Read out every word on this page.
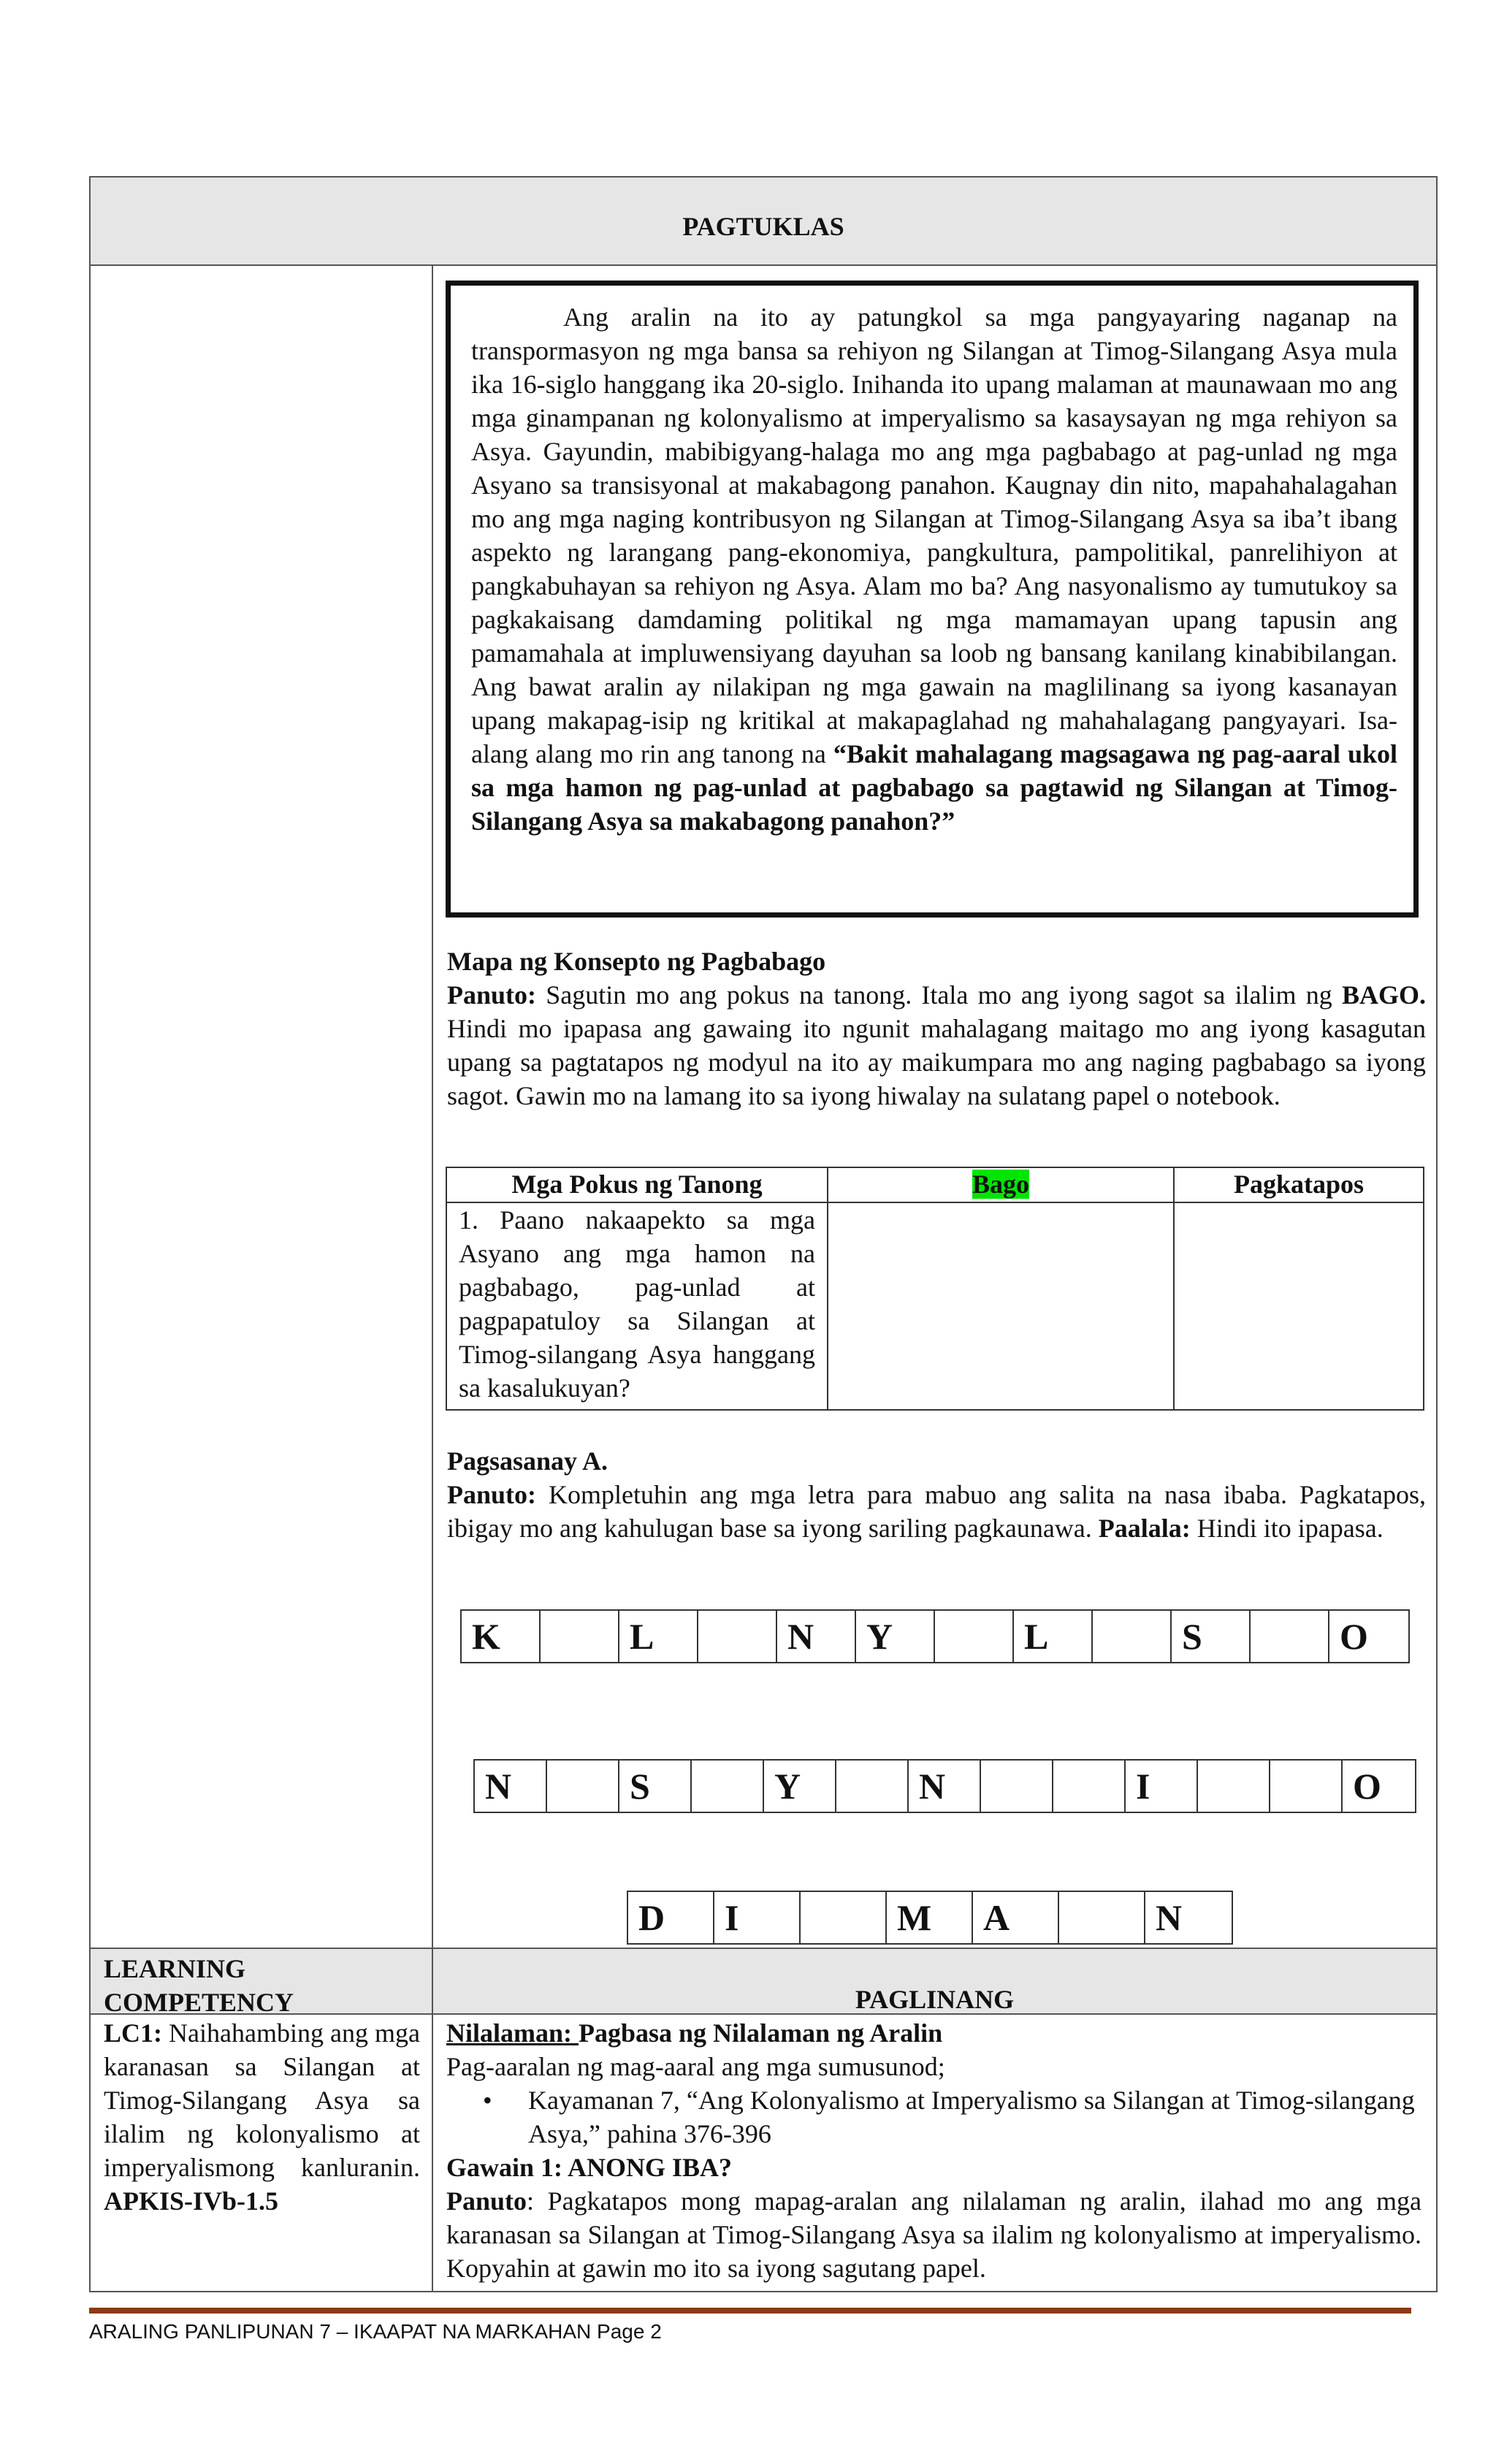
PAGTUKLAS

Ang aralin na ito ay patungkol sa mga pangyayaring naganap na transpormasyon ng mga bansa sa rehiyon ng Silangan at Timog-Silangang Asya mula ika 16-siglo hanggang ika 20-siglo. Inihanda ito upang malaman at maunawaan mo ang mga ginampanan ng kolonyalismo at imperyalismo sa kasaysayan ng mga rehiyon sa Asya. Gayundin, mabibigyang-halaga mo ang mga pagbabago at pag-unlad ng mga Asyano sa transisyonal at makabagong panahon. Kaugnay din nito, mapahahalagahan mo ang mga naging kontribusyon ng Silangan at Timog-Silangang Asya sa iba’t ibang aspekto ng larangang pang-ekonomiya, pangkultura, pampolitikal, panrelihiyon at pangkabuhayan sa rehiyon ng Asya. Alam mo ba? Ang nasyonalismo ay tumutukoy sa pagkakaisang damdaming politikal ng mga mamamayan upang tapusin ang pamamahala at impluwensiyang dayuhan sa loob ng bansang kanilang kinabibilangan. Ang bawat aralin ay nilakipan ng mga gawain na maglilinang sa iyong kasanayan upang makapag-isip ng kritikal at makapaglahad ng mahahalagang pangyayari. Isa-alang alang mo rin ang tanong na “Bakit mahalagang magsagawa ng pag-aaral ukol sa mga hamon ng pag-unlad at pagbabago sa pagtawid ng Silangan at Timog-Silangang Asya sa makabagong panahon?”

Mapa ng Konsepto ng Pagbabago
Panuto: Sagutin mo ang pokus na tanong. Itala mo ang iyong sagot sa ilalim ng BAGO. Hindi mo ipapasa ang gawaing ito ngunit mahalagang maitago mo ang iyong kasagutan upang sa pagtatapos ng modyul na ito ay maikumpara mo ang naging pagbabago sa iyong sagot. Gawin mo na lamang ito sa iyong hiwalay na sulatang papel o notebook.
Mga Pokus ng Tanong	Bago	Pagkatapos
1. Paano nakaapekto sa mga Asyano ang mga hamon na pagbabago, pag-unlad at pagpapatuloy sa Silangan at Timog-silangang Asya hanggang sa kasalukuyan?		
Pagsasanay A.
Panuto: Kompletuhin ang mga letra para mabuo ang salita na nasa ibaba. Pagkatapos, ibigay mo ang kahulugan base sa iyong sariling pagkaunawa. Paalala: Hindi ito ipapasa.
K	L	N	Y	L	S	O
N	S	Y	N	I	O
D	I	M	A	N
LEARNING COMPETENCY	PAGLINANG
LC1: Naihahambing ang mga karanasan sa Silangan at Timog-Silangang Asya sa ilalim ng kolonyalismo at imperyalismong kanluranin. APKIS-IVb-1.5
Nilalaman: Pagbasa ng Nilalaman ng Aralin
Pag-aaralan ng mag-aaral ang mga sumusunod;
•	Kayamanan 7, “Ang Kolonyalismo at Imperyalismo sa Silangan at Timog-silangang Asya,” pahina 376-396
Gawain 1: ANONG IBA?
Panuto: Pagkatapos mong mapag-aralan ang nilalaman ng aralin, ilahad mo ang mga karanasan sa Silangan at Timog-Silangang Asya sa ilalim ng kolonyalismo at imperyalismo. Kopyahin at gawin mo ito sa iyong sagutang papel.
ARALING PANLIPUNAN 7 – IKAAPAT NA MARKAHAN Page 2
